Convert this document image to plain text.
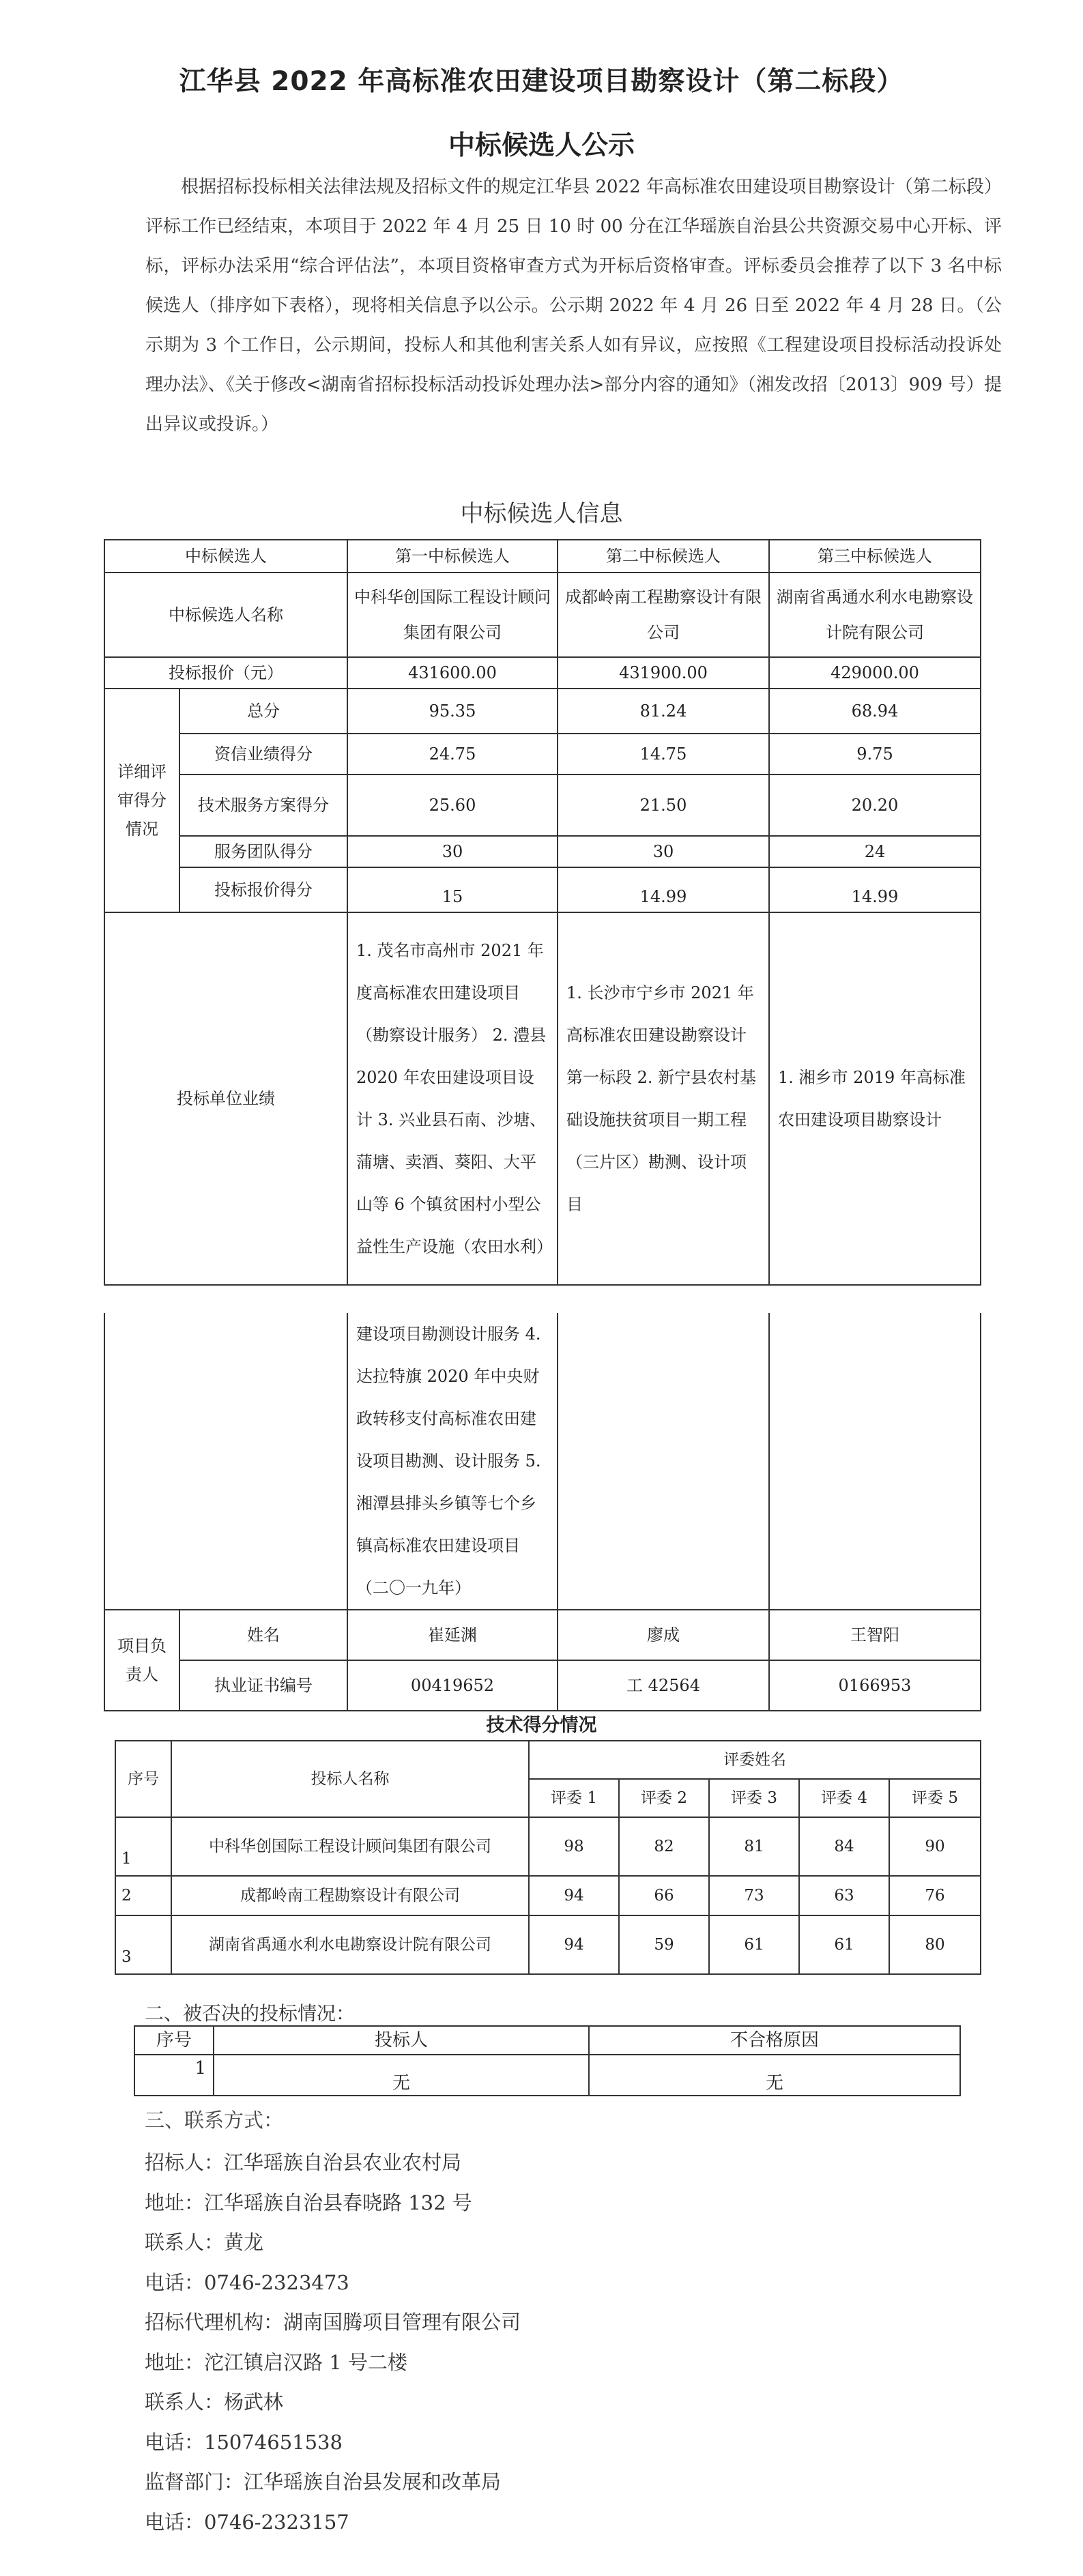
江华县 2022 年高标准农田建设项目勘察设计（第二标段）
中标候选人公示
根据招标投标相关法律法规及招标文件的规定江华县 2022 年高标准农田建设项目勘察设计（第二标段）评标工作已经结束，本项目于 2022 年 4 月 25 日 10 时 00 分在江华瑶族自治县公共资源交易中心开标、评标，评标办法采用“综合评估法”，本项目资格审查方式为开标后资格审查。评标委员会推荐了以下 3 名中标候选人（排序如下表格），现将相关信息予以公示。公示期 2022 年 4 月 26 日至 2022 年 4 月 28 日。（公示期为 3 个工作日，公示期间，投标人和其他利害关系人如有异议，应按照《工程建设项目投标活动投诉处理办法》、《关于修改<湖南省招标投标活动投诉处理办法>部分内容的通知》（湘发改招〔2013〕909 号）提出异议或投诉。）
中标候选人信息
中标候选人		第一中标候选人	第二中标候选人	第三中标候选人
中标候选人名称		中科华创国际工程设计顾问集团有限公司	成都岭南工程勘察设计有限公司	湖南省禹通水利水电勘察设计院有限公司
投标报价（元）		431600.00	431900.00	429000.00
详细评审得分情况	总分	95.35	81.24	68.94
	资信业绩得分	24.75	14.75	9.75
	技术服务方案得分	25.60	21.50	20.20
	服务团队得分	30	30	24
	投标报价得分	15	14.99	14.99
投标单位业绩		1. 茂名市高州市 2021 年度高标准农田建设项目（勘察设计服务） 2. 澧县 2020 年农田建设项目设计 3. 兴业县石南、沙塘、蒲塘、卖酒、葵阳、大平山等 6 个镇贫困村小型公益性生产设施（农田水利）	1. 长沙市宁乡市 2021 年高标准农田建设勘察设计第一标段 2. 新宁县农村基础设施扶贫项目一期工程（三片区）勘测、设计项目	1. 湘乡市 2019 年高标准农田建设项目勘察设计
		建设项目勘测设计服务 4. 达拉特旗 2020 年中央财政转移支付高标准农田建设项目勘测、设计服务 5. 湘潭县排头乡镇等七个乡镇高标准农田建设项目（二〇一九年）		
项目负责人	姓名	崔延渊	廖成	王智阳
	执业证书编号	00419652	工 42564	0166953
技术得分情况
序号	投标人名称	评委姓名				
		评委 1	评委 2	评委 3	评委 4	评委 5
1	中科华创国际工程设计顾问集团有限公司	98	82	81	84	90
2	成都岭南工程勘察设计有限公司	94	66	73	63	76
3	湖南省禹通水利水电勘察设计院有限公司	94	59	61	61	80
二、被否决的投标情况：
序号	投标人	不合格原因
1	无	无
三、联系方式：
招标人：江华瑶族自治县农业农村局
地址：江华瑶族自治县春晓路 132 号
联系人：黄龙
电话：0746-2323473
招标代理机构：湖南国腾项目管理有限公司
地址：沱江镇启汉路 1 号二楼
联系人：杨武林
电话：15074651538
监督部门：江华瑶族自治县发展和改革局
电话：0746-2323157
